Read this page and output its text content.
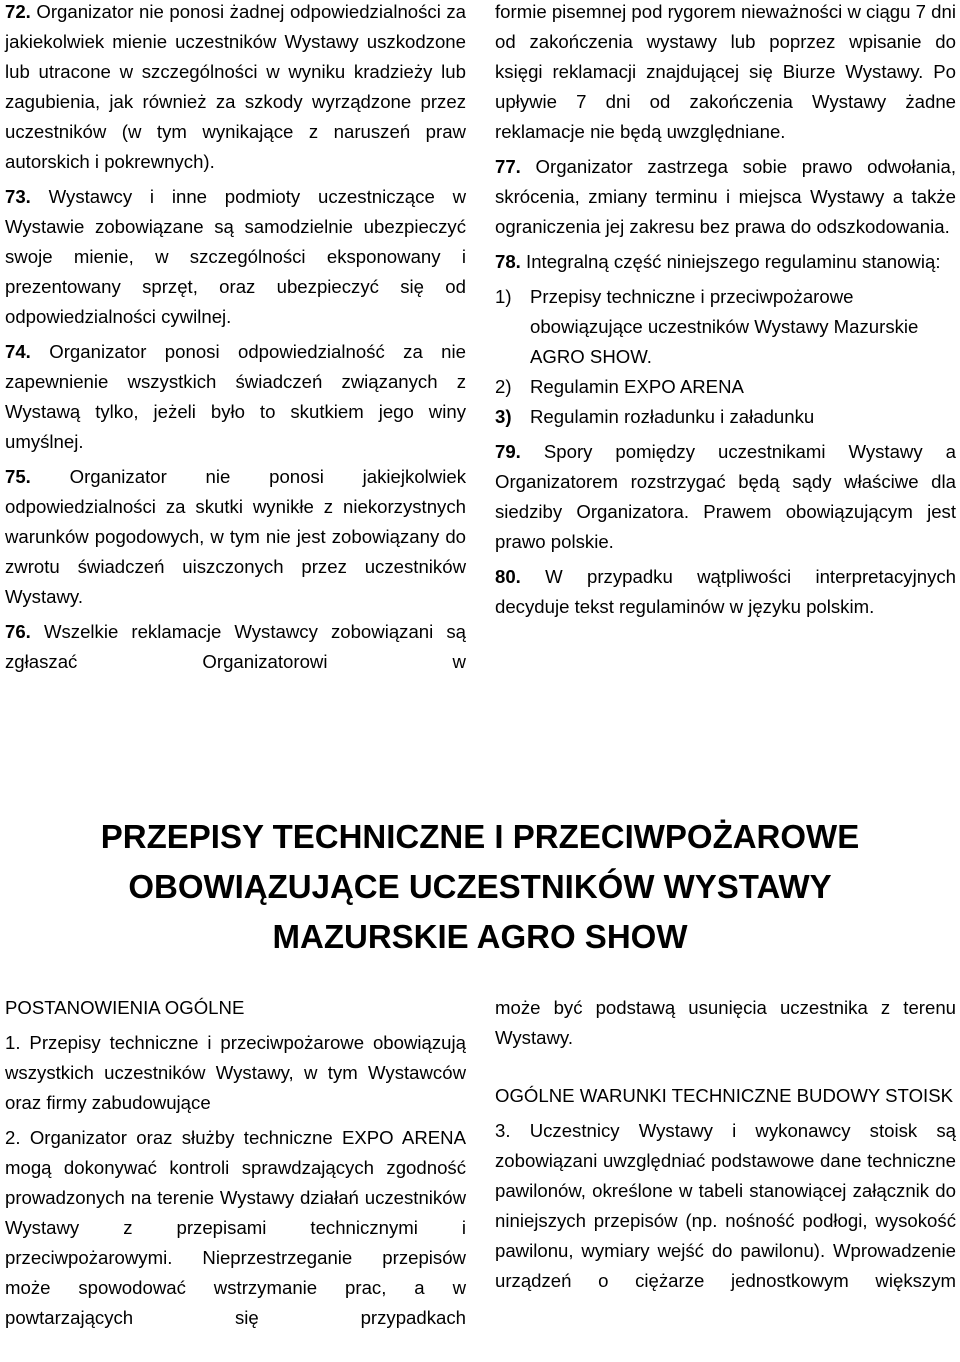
72. Organizator nie ponosi żadnej odpowiedzialności za jakiekolwiek mienie uczestników Wystawy uszkodzone lub utracone w szczególności w wyniku kradzieży lub zagubienia, jak również za szkody wyrządzone przez uczestników (w tym wynikające z naruszeń praw autorskich i pokrewnych).

73. Wystawcy i inne podmioty uczestniczące w Wystawie zobowiązane są samodzielnie ubezpieczyć swoje mienie, w szczególności eksponowany i prezentowany sprzęt, oraz ubezpieczyć się od odpowiedzialności cywilnej.

74. Organizator ponosi odpowiedzialność za nie zapewnienie wszystkich świadczeń związanych z Wystawą tylko, jeżeli było to skutkiem jego winy umyślnej.

75. Organizator nie ponosi jakiejkolwiek odpowiedzialności za skutki wynikłe z niekorzystnych warunków pogodowych, w tym nie jest zobowiązany do zwrotu świadczeń uiszczonych przez uczestników Wystawy.

76. Wszelkie reklamacje Wystawcy zobowiązani są zgłaszać Organizatorowi w

formie pisemnej pod rygorem nieważności w ciągu 7 dni od zakończenia wystawy lub poprzez wpisanie do księgi reklamacji znajdującej się Biurze Wystawy. Po upływie 7 dni od zakończenia Wystawy żadne reklamacje nie będą uwzględniane.

77. Organizator zastrzega sobie prawo odwołania, skrócenia, zmiany terminu i miejsca Wystawy a także ograniczenia jej zakresu bez prawa do odszkodowania.

78. Integralną część niniejszego regulaminu stanowią:

1) Przepisy techniczne i przeciwpożarowe obowiązujące uczestników Wystawy Mazurskie AGRO SHOW.
2) Regulamin EXPO ARENA
3) Regulamin rozładunku i załadunku

79. Spory pomiędzy uczestnikami Wystawy a Organizatorem rozstrzygać będą sądy właściwe dla siedziby Organizatora. Prawem obowiązującym jest prawo polskie.

80. W przypadku wątpliwości interpretacyjnych decyduje tekst regulaminów w języku polskim.

PRZEPISY TECHNICZNE I PRZECIWPOŻAROWE
OBOWIĄZUJĄCE UCZESTNIKÓW WYSTAWY
MAZURSKIE AGRO SHOW
POSTANOWIENIA OGÓLNE

1. Przepisy techniczne i przeciwpożarowe obowiązują wszystkich uczestników Wystawy, w tym Wystawców oraz firmy zabudowujące

2. Organizator oraz służby techniczne EXPO ARENA mogą dokonywać kontroli sprawdzających zgodność prowadzonych na terenie Wystawy działań uczestników Wystawy z przepisami technicznymi i przeciwpożarowymi. Nieprzestrzeganie przepisów może spowodować wstrzymanie prac, a w powtarzających się przypadkach

może być podstawą usunięcia uczestnika z terenu Wystawy.

OGÓLNE WARUNKI TECHNICZNE BUDOWY STOISK

3. Uczestnicy Wystawy i wykonawcy stoisk są zobowiązani uwzględniać podstawowe dane techniczne pawilonów, określone w tabeli stanowiącej załącznik do niniejszych przepisów (np. nośność podłogi, wysokość pawilonu, wymiary wejść do pawilonu). Wprowadzenie urządzeń o ciężarze jednostkowym większym
